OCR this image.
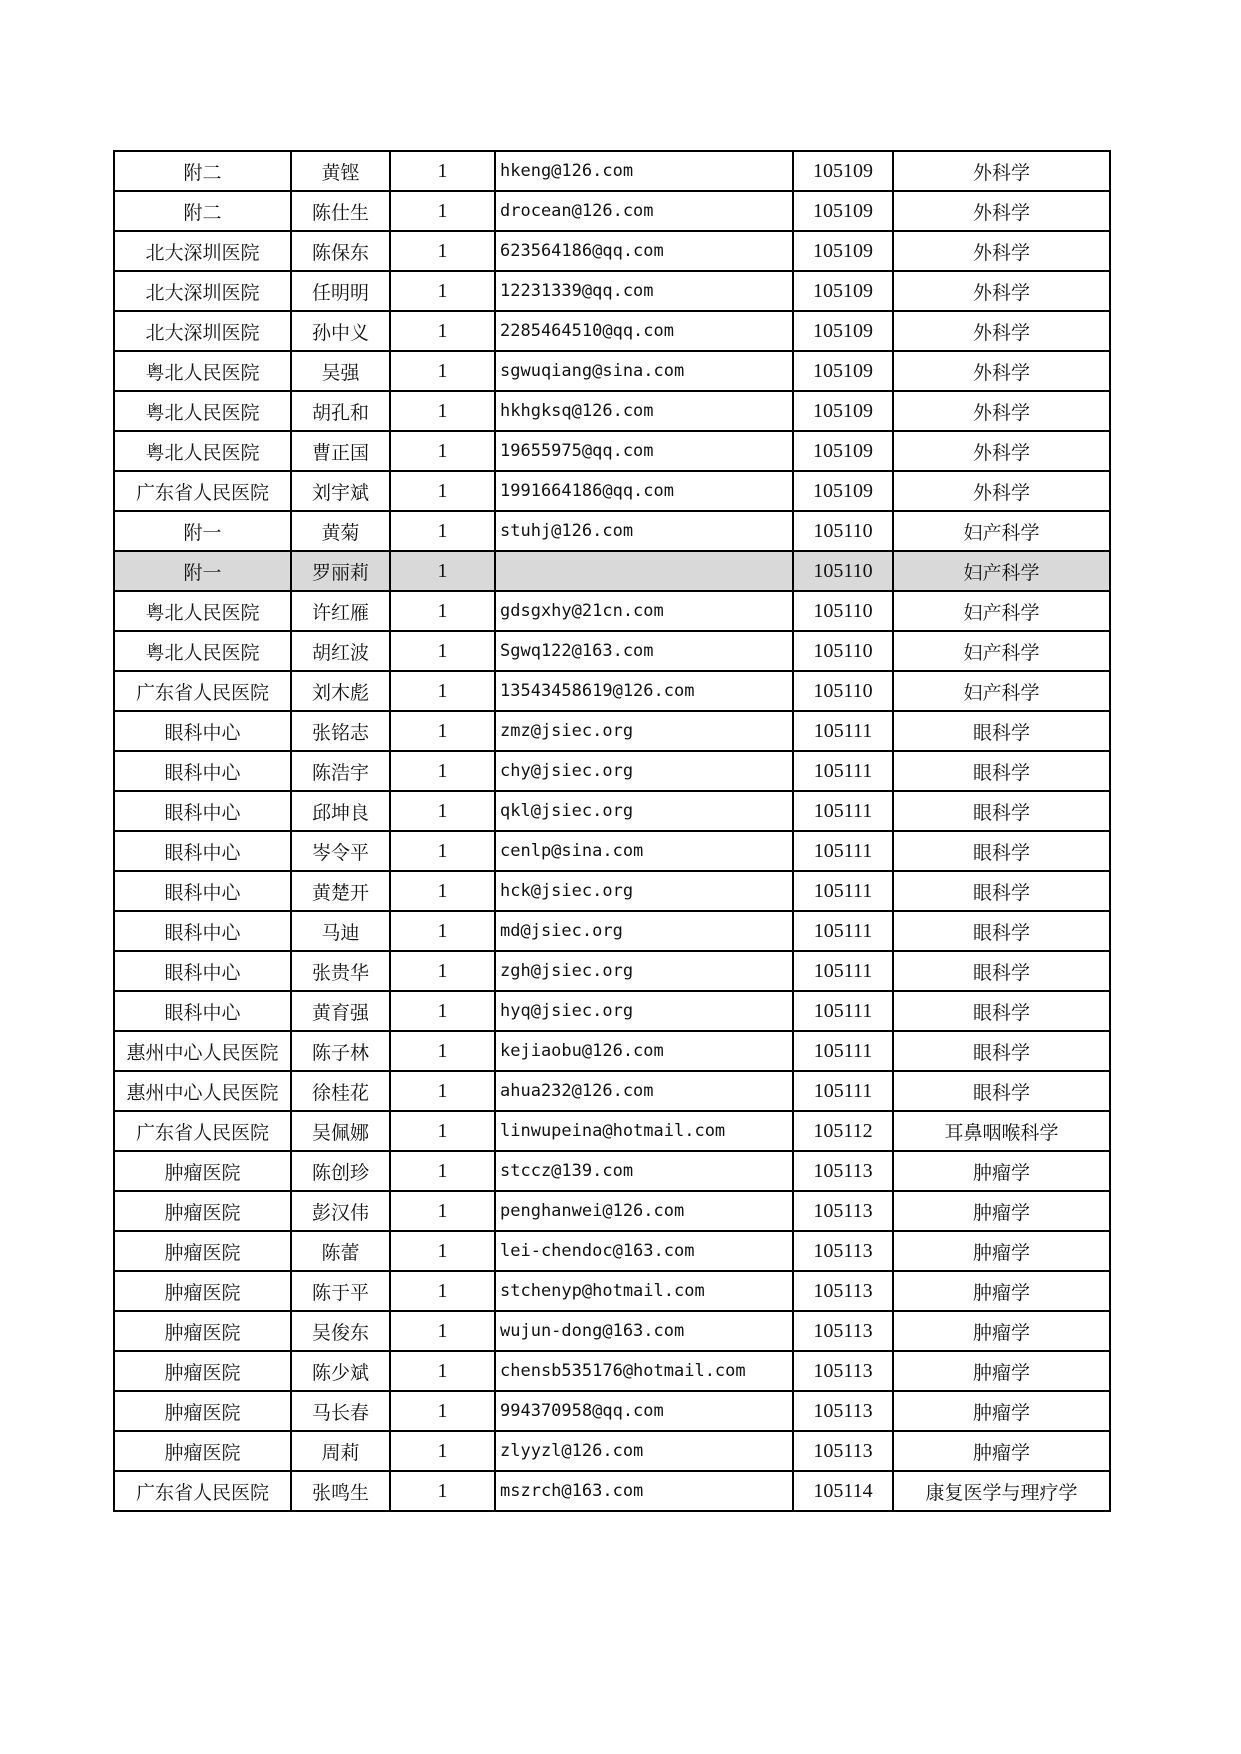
附二	黄铿	1	hkeng@126.com	105109	外科学
附二	陈仕生	1	drocean@126.com	105109	外科学
北大深圳医院	陈保东	1	623564186@qq.com	105109	外科学
北大深圳医院	任明明	1	12231339@qq.com	105109	外科学
北大深圳医院	孙中义	1	2285464510@qq.com	105109	外科学
粤北人民医院	吴强	1	sgwuqiang@sina.com	105109	外科学
粤北人民医院	胡孔和	1	hkhgksq@126.com	105109	外科学
粤北人民医院	曹正国	1	19655975@qq.com	105109	外科学
广东省人民医院	刘宇斌	1	1991664186@qq.com	105109	外科学
附一	黄菊	1	stuhj@126.com	105110	妇产科学
附一	罗丽莉	1		105110	妇产科学
粤北人民医院	许红雁	1	gdsgxhy@21cn.com	105110	妇产科学
粤北人民医院	胡红波	1	Sgwq122@163.com	105110	妇产科学
广东省人民医院	刘木彪	1	13543458619@126.com	105110	妇产科学
眼科中心	张铭志	1	zmz@jsiec.org	105111	眼科学
眼科中心	陈浩宇	1	chy@jsiec.org	105111	眼科学
眼科中心	邱坤良	1	qkl@jsiec.org	105111	眼科学
眼科中心	岑令平	1	cenlp@sina.com	105111	眼科学
眼科中心	黄楚开	1	hck@jsiec.org	105111	眼科学
眼科中心	马迪	1	md@jsiec.org	105111	眼科学
眼科中心	张贵华	1	zgh@jsiec.org	105111	眼科学
眼科中心	黄育强	1	hyq@jsiec.org	105111	眼科学
惠州中心人民医院	陈子林	1	kejiaobu@126.com	105111	眼科学
惠州中心人民医院	徐桂花	1	ahua232@126.com	105111	眼科学
广东省人民医院	吴佩娜	1	linwupeina@hotmail.com	105112	耳鼻咽喉科学
肿瘤医院	陈创珍	1	stccz@139.com	105113	肿瘤学
肿瘤医院	彭汉伟	1	penghanwei@126.com	105113	肿瘤学
肿瘤医院	陈蕾	1	lei-chendoc@163.com	105113	肿瘤学
肿瘤医院	陈于平	1	stchenyp@hotmail.com	105113	肿瘤学
肿瘤医院	吴俊东	1	wujun-dong@163.com	105113	肿瘤学
肿瘤医院	陈少斌	1	chensb535176@hotmail.com	105113	肿瘤学
肿瘤医院	马长春	1	994370958@qq.com	105113	肿瘤学
肿瘤医院	周莉	1	zlyyzl@126.com	105113	肿瘤学
广东省人民医院	张鸣生	1	mszrch@163.com	105114	康复医学与理疗学
